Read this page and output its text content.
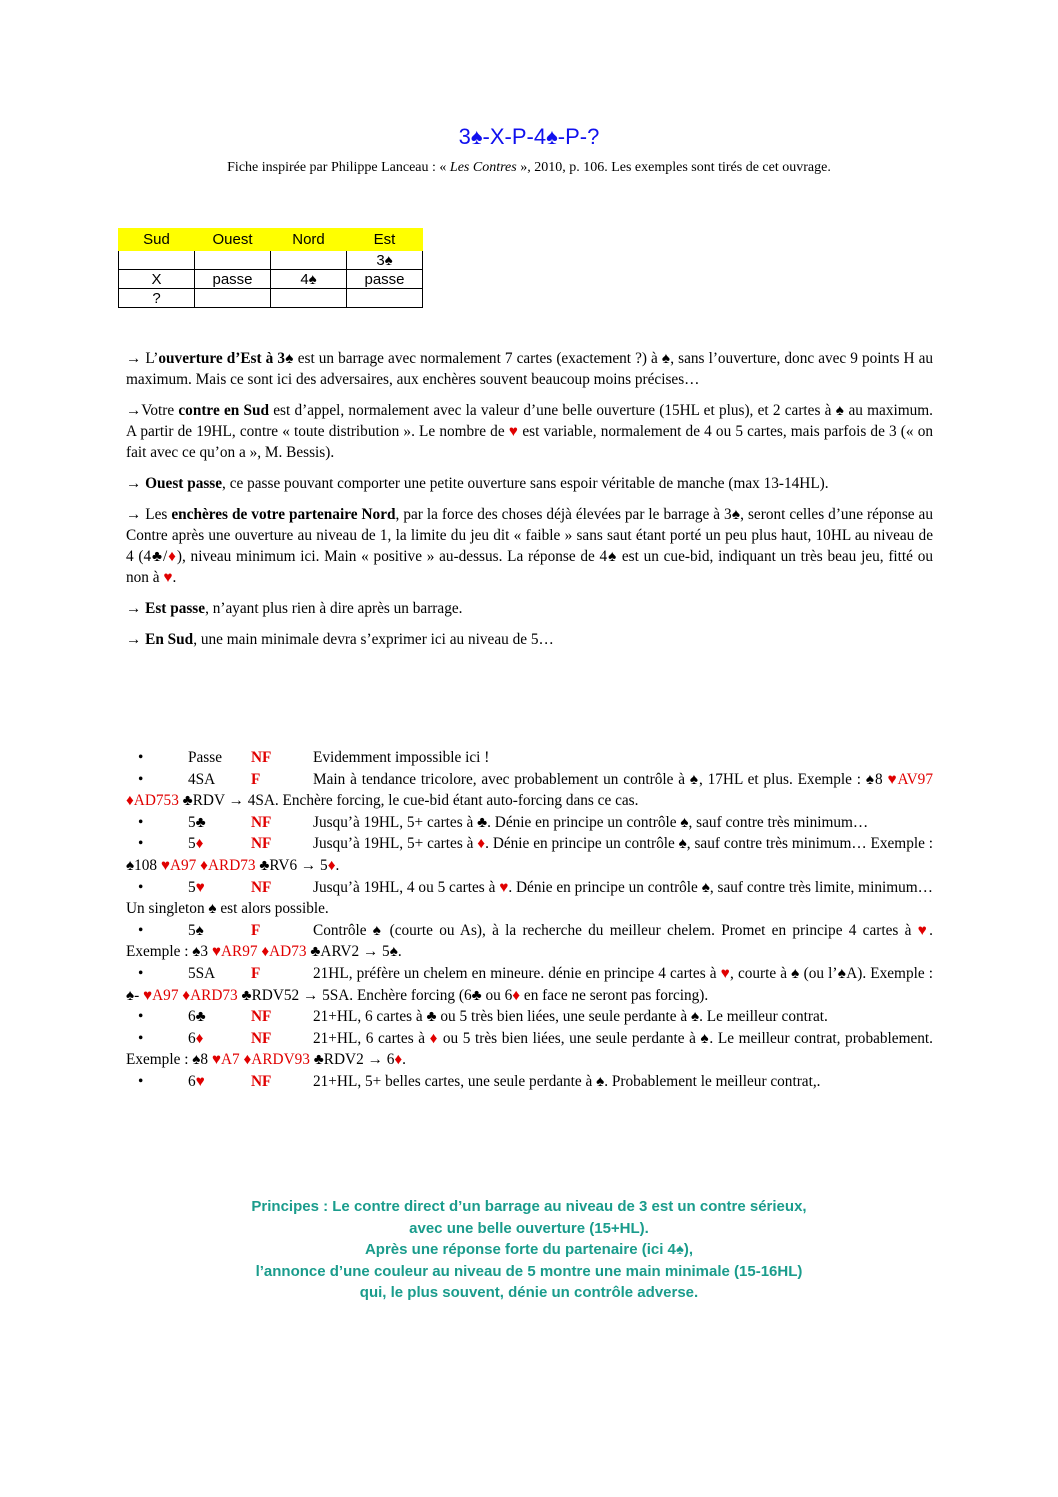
3♠-X-P-4♠-P-?
Fiche inspirée par Philippe Lanceau : « Les Contres », 2010, p. 106. Les exemples sont tirés de cet ouvrage.
Sud	Ouest	Nord	Est
			3♠
X	passe	4♠	passe
?			

→ L’ouverture d’Est à 3♠ est un barrage avec normalement 7 cartes (exactement ?) à ♠, sans l’ouverture, donc avec 9 points H au maximum. Mais ce sont ici des adversaires, aux enchères souvent beaucoup moins précises…

→Votre contre en Sud est d’appel, normalement avec la valeur d’une belle ouverture (15HL et plus), et 2 cartes à ♠ au maximum. A partir de 19HL, contre « toute distribution ». Le nombre de ♥ est variable, normalement de 4 ou 5 cartes, mais parfois de 3 (« on fait avec ce qu’on a », M. Bessis).

→ Ouest passe, ce passe pouvant comporter une petite ouverture sans espoir véritable de manche (max 13-14HL).

→ Les enchères de votre partenaire Nord, par la force des choses déjà élevées par le barrage à 3♠, seront celles d’une réponse au Contre après une ouverture au niveau de 1, la limite du jeu dit « faible » sans saut étant porté un peu plus haut, 10HL au niveau de 4 (4♣/♦), niveau minimum ici. Main « positive » au-dessus. La réponse de 4♠ est un cue-bid, indiquant un très beau jeu, fitté ou non à ♥.

→ Est passe, n’ayant plus rien à dire après un barrage.

→ En Sud, une main minimale devra s’exprimer ici au niveau de 5…

•	Passe NF	Evidemment impossible ici !
•	4SA F	Main à tendance tricolore, avec probablement un contrôle à ♠, 17HL et plus. Exemple : ♠8 ♥AV97 ♦AD753 ♣RDV → 4SA. Enchère forcing, le cue-bid étant auto-forcing dans ce cas.
•	5♣	NF	Jusqu’à 19HL, 5+ cartes à ♣. Dénie en principe un contrôle ♠, sauf contre très minimum…
•	5♦	NF	Jusqu’à 19HL, 5+ cartes à ♦. Dénie en principe un contrôle ♠, sauf contre très minimum… Exemple : ♠108 ♥A97 ♦ARD73 ♣RV6 → 5♦.
•	5♥	NF	Jusqu’à 19HL, 4 ou 5 cartes à ♥. Dénie en principe un contrôle ♠, sauf contre très limite, minimum… Un singleton ♠ est alors possible.
•	5♠	F	Contrôle ♠ (courte ou As), à la recherche du meilleur chelem. Promet en principe 4 cartes à ♥. Exemple : ♠3 ♥AR97 ♦AD73 ♣ARV2 → 5♠.
•	5SA F	21HL, préfère un chelem en mineure. dénie en principe 4 cartes à ♥, courte à ♠ (ou l’♠A). Exemple : ♠- ♥A97 ♦ARD73 ♣RDV52 → 5SA. Enchère forcing (6♣ ou 6♦ en face ne seront pas forcing).
•	6♣	NF	21+HL, 6 cartes à ♣ ou 5 très bien liées, une seule perdante à ♠. Le meilleur contrat.
•	6♦	NF	21+HL, 6 cartes à ♦ ou 5 très bien liées, une seule perdante à ♠. Le meilleur contrat, probablement. Exemple : ♠8 ♥A7 ♦ARDV93 ♣RDV2 → 6♦.
•	6♥	NF	21+HL, 5+ belles cartes, une seule perdante à ♠. Probablement le meilleur contrat,.
Principes : Le contre direct d’un barrage au niveau de 3 est un contre sérieux,
avec une belle ouverture (15+HL).
Après une réponse forte du partenaire (ici 4♠),
l’annonce d’une couleur au niveau de 5 montre une main minimale (15-16HL)
qui, le plus souvent, dénie un contrôle adverse.
